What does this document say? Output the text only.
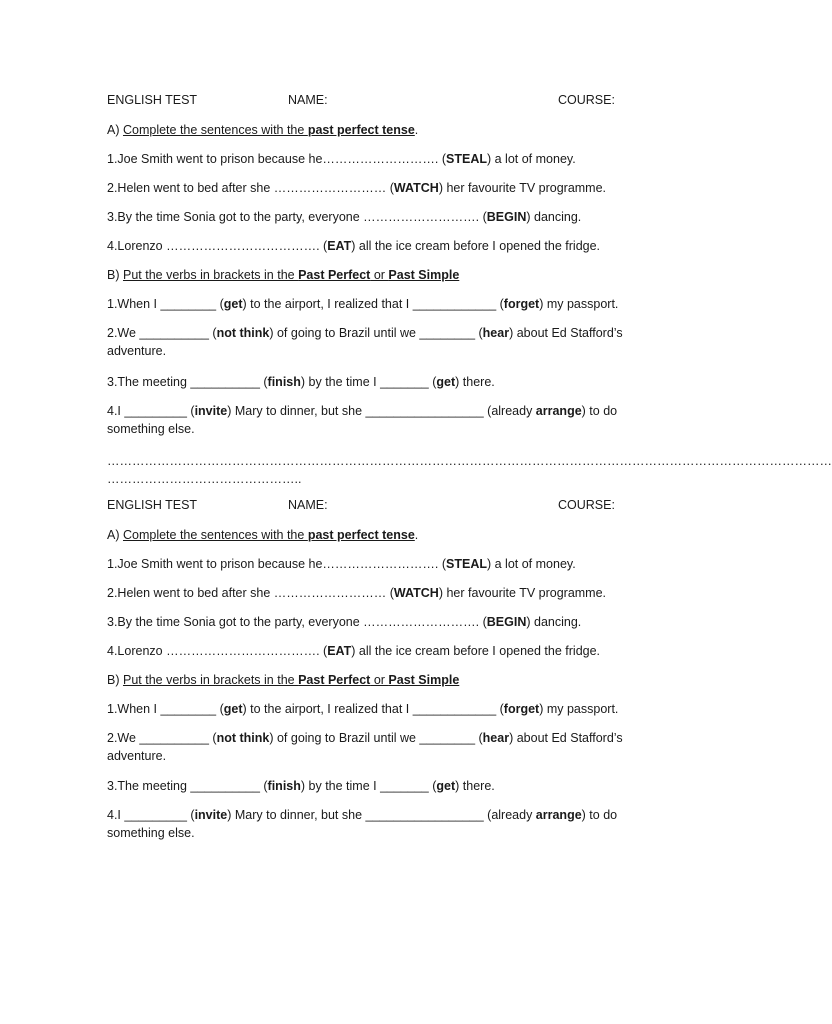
ENGLISH TEST	NAME:	COURSE:
A) Complete the sentences with the past perfect tense.
1.Joe Smith went to prison because he………………………. (STEAL) a lot of money.
2.Helen went to bed after she ……………………… (WATCH) her favourite TV programme.
3.By the time Sonia got to the party, everyone ………………………. (BEGIN) dancing.
4.Lorenzo ………………………………. (EAT) all the ice cream before I opened the fridge.
B) Put the verbs in brackets in the Past Perfect or Past Simple
1.When I ________ (get) to the airport, I realized that I ____________ (forget) my passport.
2.We __________ (not think) of going to Brazil until we ________ (hear) about Ed Stafford’s adventure.
3.The meeting __________ (finish) by the time I _______ (get) there.
4.I _________ (invite) Mary to dinner, but she _________________ (already arrange) to do something else.
…………………………………………………………………………………………………………………………………………………………
………………………………………..
ENGLISH TEST	NAME:	COURSE:
A) Complete the sentences with the past perfect tense.
1.Joe Smith went to prison because he………………………. (STEAL) a lot of money.
2.Helen went to bed after she ……………………… (WATCH) her favourite TV programme.
3.By the time Sonia got to the party, everyone ………………………. (BEGIN) dancing.
4.Lorenzo ………………………………. (EAT) all the ice cream before I opened the fridge.
B) Put the verbs in brackets in the Past Perfect or Past Simple
1.When I ________ (get) to the airport, I realized that I ____________ (forget) my passport.
2.We __________ (not think) of going to Brazil until we ________ (hear) about Ed Stafford’s adventure.
3.The meeting __________ (finish) by the time I _______ (get) there.
4.I _________ (invite) Mary to dinner, but she _________________ (already arrange) to do something else.
